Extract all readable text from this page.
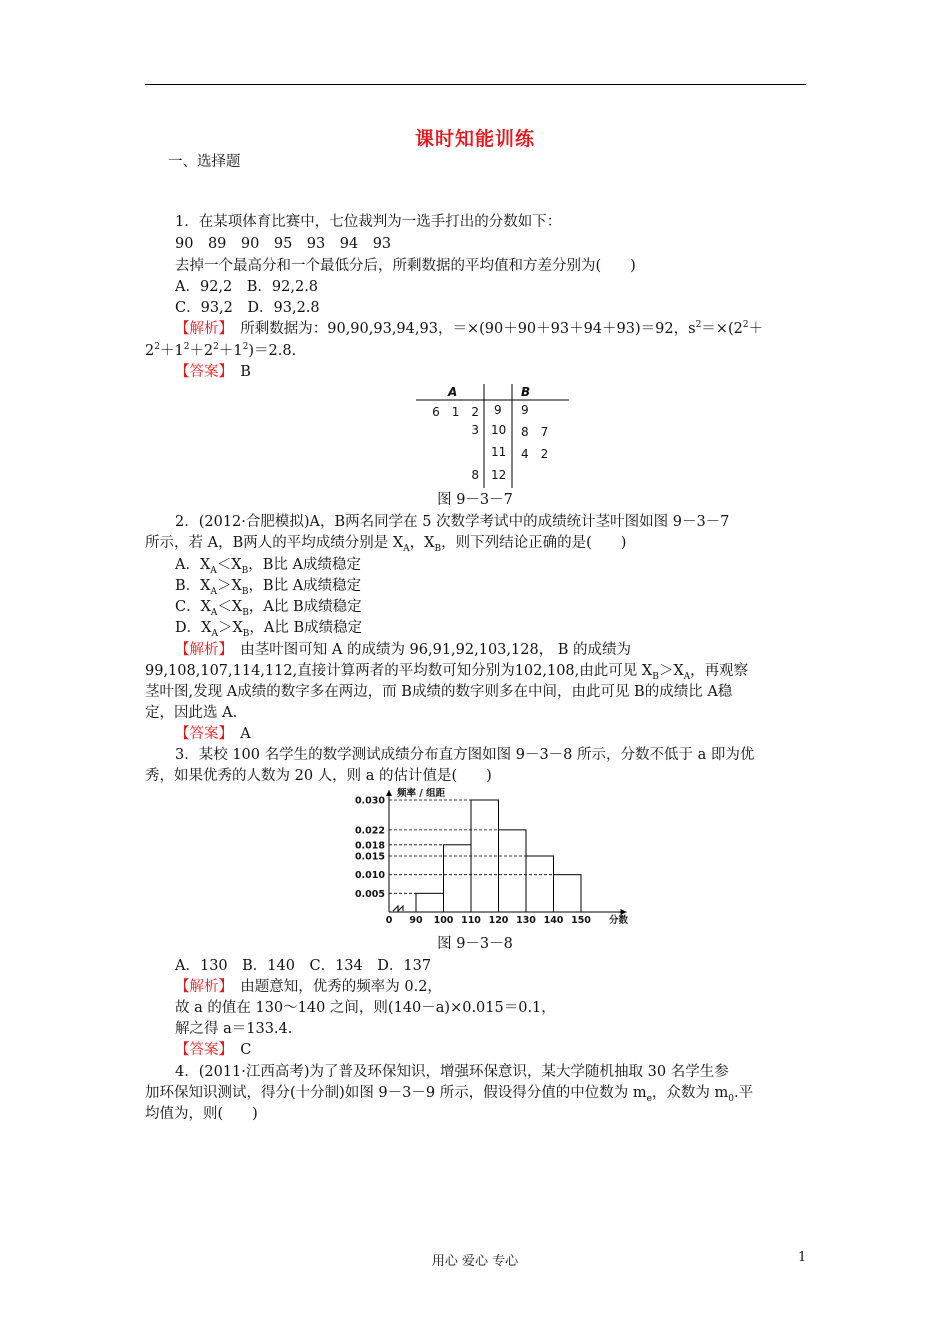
课时知能训练
一、选择题
1．在某项体育比赛中，七位裁判为一选手打出的分数如下：
90　89　90　95　93　94　93
去掉一个最高分和一个最低分后，所剩数据的平均值和方差分别为(　　)
A．92,2　B．92,2.8
C．93,2　D．93,2.8
【解析】　所剩数据为：90,90,93,94,93，＝×(90＋90＋93＋94＋93)＝92，$s^2=\times(2^2+$
$2^2+1^2+2^2+1^2)=2.8$.
【答案】　B
A	B
6　1　2 9 9
3 10 8　7
11 4　2
8 12
图 9－3－7
2．(2012·合肥模拟)A，B两名同学在 5 次数学考试中的成绩统计茎叶图如图 9－3－7
所示，若 A，B两人的平均成绩分别是 $X_A$，$X_B$，则下列结论正确的是(　　)
A．$X_A<X_B$，B比 A成绩稳定
B．$X_A>X_B$，B比 A成绩稳定
C．$X_A<X_B$，A比 B成绩稳定
D．$X_A>X_B$，A比 B成绩稳定
【解析】　由茎叶图可知 A 的成绩为 96,91,92,103,128， B 的成绩为
99,108,107,114,112,直接计算两者的平均数可知分别为102,108,由此可见 $X_B>X_A$，再观察
茎叶图,发现 A成绩的数字多在两边，而 B成绩的数字则多在中间，由此可见 B的成绩比 A稳
定，因此选 A.
【答案】　A
3．某校 100 名学生的数学测试成绩分布直方图如图 9－3－8 所示，分数不低于 a 即为优
秀，如果优秀的人数为 20 人，则 a 的估计值是(　　)
频率 / 组距
分数
0 90 100 110 120 130 140 150
0.030
0.022
0.018
0.015
0.010
0.005
图 9－3－8
A．130　B．140　C．134　D．137
【解析】　由题意知，优秀的频率为 0.2，
故 a 的值在 130～140 之间，则(140－a)×0.015＝0.1，
解之得 a＝133.4.
【答案】　C
4．(2011·江西高考)为了普及环保知识，增强环保意识，某大学随机抽取 30 名学生参
加环保知识测试，得分(十分制)如图 9－3－9 所示，假设得分值的中位数为 $m_e$，众数为 $m_0$.平
均值为，则(　　)
用心 爱心 专心	1
